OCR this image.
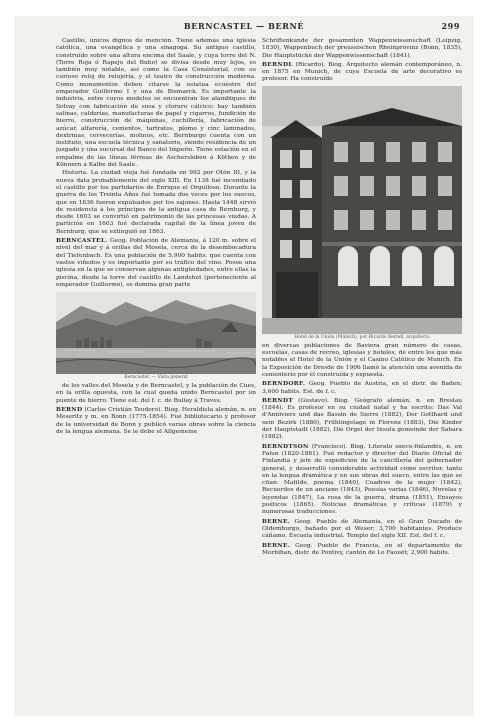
BERNCASTEL — BERNÉ	299

Castillo, únicos dignos de mención. Tiene además una iglesia católica, una evangélica y una sinagoga. Su antiguo castillo, construído sobre una altura encima del Saale, y cuya torre del N. (Torre Roja ó Rapejo del Buho) se divisa desde muy lejos, es también muy notable, así como la Casa Consistorial, con su curioso reloj de relojería, y el teatro de construcción moderna. Como monumentos deben citarse la estatua ecuestre del emperador Guillermo I y una de Bismarck. Es importante la industria, entre cuyos modelos se encuentran los alambiques de Solvay con fabricación de sosa y cloruro cálcico; hay también salinas, calderías, manufacturas de papel y cigarros, fundición de hierro, construcción de máquinas, cuchillería, fabricación de azúcar, alfarería, cementos, tartratos, plomo y cinc laminados, dextrinas, cervecerías, molinos, etc. Bernburgo cuenta con un instituto, una escuela técnica y sanatorio, siendo residencia de un juzgado y una sucursal del Banco del Imperio. Tiene estación en el empalme de las líneas férreas de Aschersleben á Köthen y de Könnern á Kalbe del Saale.

Historia. La ciudad vieja fué fundada en 992 por Otón III, y la nueva data probablemente del siglo XIII. En 1138 fué incendiado el castillo por los partidarios de Enrique el Orgulloso. Durante la guerra de los Treinta Años fué tomada dos veces por los suecos, que en 1636 fueron expulsados por los sajones. Hasta 1448 sirvió de residencia á los príncipes de la antigua casa de Bernburg, y desde 1603 se convirtió en patrimonio de las princesas viudas. A partición en 1603 fué declarada capital de la línea joven de Bernburg, que se extinguió en 1863.

BERNCASTEL. Geog. Población de Alemania, á 120 m. sobre el nivel del mar y á orillas del Mosela, cerca de la desembocadura del Tiefenbach. Es una población de 5,900 habits. que cuenta con vastos viñedos y es importante por su tráfico del vino. Posee una iglesia en la que se conservan algunas antigüedades, entre ellas la piscina, desde la torre del castillo de Landshut (perteneciente al emperador Guillermo), se domina gran parte

Berncastel. — Vista general

de los valles del Mosela y de Berncastel, y la población de Cues, en la orilla opuesta, con la cual queda unido Berncastel por un puente de hierro. Tiene est. del f. c. de Bullay á Traves.

BERND (Carlos Cristián Teodoro). Biog. Heraldista alemán, n. en Meseritz y m. en Bonn (1775-1854). Fué bibliotecario y profesor de la universidad de Bonn y publicó varias obras sobre la ciencia de la lengua alemana. Se le debe el Allgemeine

Schriftenkunde der gesammten Wappenwissenschaft (Leipzig, 1830), Wappenbuch der preussischen Rheinprovinz (Bonn, 1835), Die Hauptstücke der Wappenwissenschaft (1841).

BERNDL (Ricardo). Biog. Arquitecto alemán contemporáneo, n. en 1875 en Munich, de cuya Escuela de arte decorativo es profesor. Ha construído

Hotel de la Unión (Múnich), por Ricardo Berndl, arquitecto

en diversas poblaciones de Baviera gran número de casas, escuelas, casas de recreo, iglesias y hoteles, de entre los que más notables el Hotel de la Unión y el Casino Católico de Munich. En la Exposición de Dresde de 1906 llamó la atención una avenida de cementerio por él construída y expuesta.

BERNDORF. Geog. Pueblo de Austria, en el distr. de Baden; 3,600 habits. Est. de f. c.

BERNDT (Gustavo). Biog. Geógrafo alemán, n. en Breslau (1844). Es profesor en su ciudad natal y ha escrito: Das Val d'Anniviers und das Bassin de Sierre (1882), Der Gotthard und sein Bezirk (1880), Frühlingstage in Florenz (1883), Die Kinder der Hauptstadt (1882), Die Orgel der Insula gemeinde der Sahara (1882).

BERNDTSON (Francisco). Biog. Literato sueco-finlandés, n. en Falun (1820-1881). Fué redactor y director del Diario Oficial de Finlandia y jefe de expedición de la cancillería del gobernador general, y desarrolló considerable actividad como escritor, tanto en la lengua dramática y en sus obras del sueco, entre las que se citan: Matilde, poema (1840), Cuadros de la mujer (1842), Recuerdos de un anciano (1843), Poesías varias (1846), Novelas y leyendas (1847), La rosa de la guerra, drama (1851), Ensayos poéticos (1865), Noticias dramáticas y críticas (1879) y numerosas traducciones.

BERNE. Geog. Pueblo de Alemania, en el Gran Ducado de Oldemburgo, bañado por el Weser; 3,700 habitantes. Produce cáñamo. Escuela industrial. Templo del siglo XII. Est. del f. c.

BERNE. Geog. Pueblo de Francia, en el departamento de Morbihan, distr. de Pontivy, cantón de Le Faouët; 2,900 habits.
